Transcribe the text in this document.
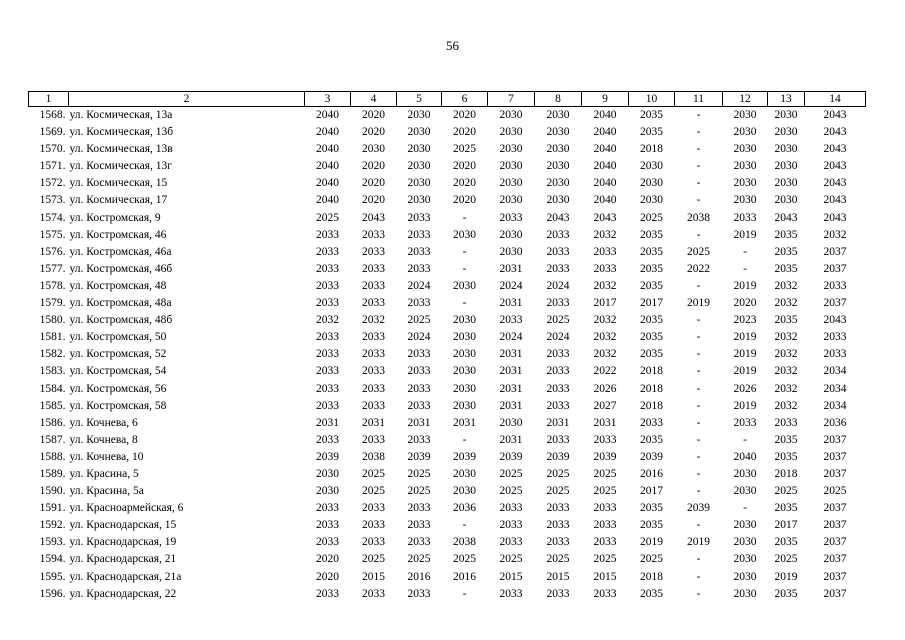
56
1	2	3	4	5	6	7	8	9	10	11	12	13	14
1568.	ул. Космическая, 13а	2040	2020	2030	2020	2030	2030	2040	2035	-	2030	2030	2043
1569.	ул. Космическая, 13б	2040	2020	2030	2020	2030	2030	2040	2035	-	2030	2030	2043
1570.	ул. Космическая, 13в	2040	2030	2030	2025	2030	2030	2040	2018	-	2030	2030	2043
1571.	ул. Космическая, 13г	2040	2020	2030	2020	2030	2030	2040	2030	-	2030	2030	2043
1572.	ул. Космическая, 15	2040	2020	2030	2020	2030	2030	2040	2030	-	2030	2030	2043
1573.	ул. Космическая, 17	2040	2020	2030	2020	2030	2030	2040	2030	-	2030	2030	2043
1574.	ул. Костромская, 9	2025	2043	2033	-	2033	2043	2043	2025	2038	2033	2043	2043
1575.	ул. Костромская, 46	2033	2033	2033	2030	2030	2033	2032	2035	-	2019	2035	2032
1576.	ул. Костромская, 46а	2033	2033	2033	-	2030	2033	2033	2035	2025	-	2035	2037
1577.	ул. Костромская, 46б	2033	2033	2033	-	2031	2033	2033	2035	2022	-	2035	2037
1578.	ул. Костромская, 48	2033	2033	2024	2030	2024	2024	2032	2035	-	2019	2032	2033
1579.	ул. Костромская, 48а	2033	2033	2033	-	2031	2033	2017	2017	2019	2020	2032	2037
1580.	ул. Костромская, 48б	2032	2032	2025	2030	2033	2025	2032	2035	-	2023	2035	2043
1581.	ул. Костромская, 50	2033	2033	2024	2030	2024	2024	2032	2035	-	2019	2032	2033
1582.	ул. Костромская, 52	2033	2033	2033	2030	2031	2033	2032	2035	-	2019	2032	2033
1583.	ул. Костромская, 54	2033	2033	2033	2030	2031	2033	2022	2018	-	2019	2032	2034
1584.	ул. Костромская, 56	2033	2033	2033	2030	2031	2033	2026	2018	-	2026	2032	2034
1585.	ул. Костромская, 58	2033	2033	2033	2030	2031	2033	2027	2018	-	2019	2032	2034
1586.	ул. Кочнева, 6	2031	2031	2031	2031	2030	2031	2031	2033	-	2033	2033	2036
1587.	ул. Кочнева, 8	2033	2033	2033	-	2031	2033	2033	2035	-	-	2035	2037
1588.	ул. Кочнева, 10	2039	2038	2039	2039	2039	2039	2039	2039	-	2040	2035	2037
1589.	ул. Красина, 5	2030	2025	2025	2030	2025	2025	2025	2016	-	2030	2018	2037
1590.	ул. Красина, 5а	2030	2025	2025	2030	2025	2025	2025	2017	-	2030	2025	2025
1591.	ул. Красноармейская, 6	2033	2033	2033	2036	2033	2033	2033	2035	2039	-	2035	2037
1592.	ул. Краснодарская, 15	2033	2033	2033	-	2033	2033	2033	2035	-	2030	2017	2037
1593.	ул. Краснодарская, 19	2033	2033	2033	2038	2033	2033	2033	2019	2019	2030	2035	2037
1594.	ул. Краснодарская, 21	2020	2025	2025	2025	2025	2025	2025	2025	-	2030	2025	2037
1595.	ул. Краснодарская, 21а	2020	2015	2016	2016	2015	2015	2015	2018	-	2030	2019	2037
1596.	ул. Краснодарская, 22	2033	2033	2033	-	2033	2033	2033	2035	-	2030	2035	2037
